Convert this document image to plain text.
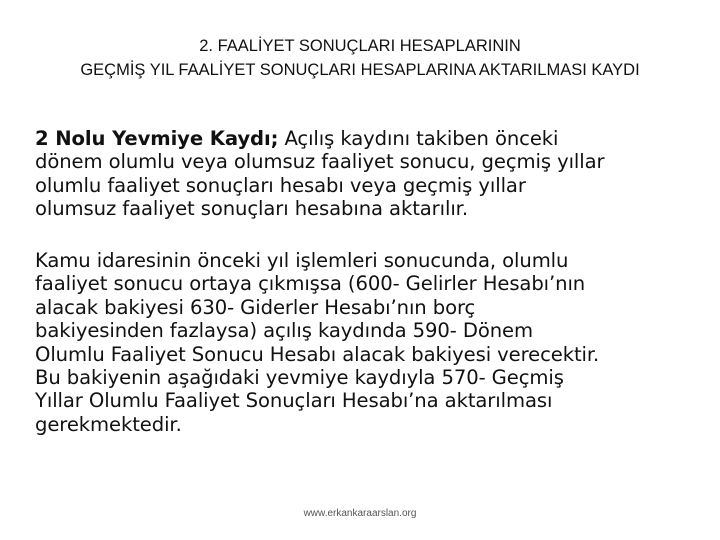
2. FAALİYET SONUÇLARI HESAPLARININ
GEÇMİŞ YIL FAALİYET SONUÇLARI HESAPLARINA AKTARILMASI KAYDI
2 Nolu Yevmiye Kaydı; Açılış kaydını takiben önceki
dönem olumlu veya olumsuz faaliyet sonucu, geçmiş yıllar
olumlu faaliyet sonuçları hesabı veya geçmiş yıllar
olumsuz faaliyet sonuçları hesabına aktarılır.
Kamu idaresinin önceki yıl işlemleri sonucunda, olumlu
faaliyet sonucu ortaya çıkmışsa (600- Gelirler Hesabı’nın
alacak bakiyesi 630- Giderler Hesabı’nın borç
bakiyesinden fazlaysa) açılış kaydında 590- Dönem
Olumlu Faaliyet Sonucu Hesabı alacak bakiyesi verecektir.
Bu bakiyenin aşağıdaki yevmiye kaydıyla 570- Geçmiş
Yıllar Olumlu Faaliyet Sonuçları Hesabı’na aktarılması
gerekmektedir.
www.erkankaraarslan.org
